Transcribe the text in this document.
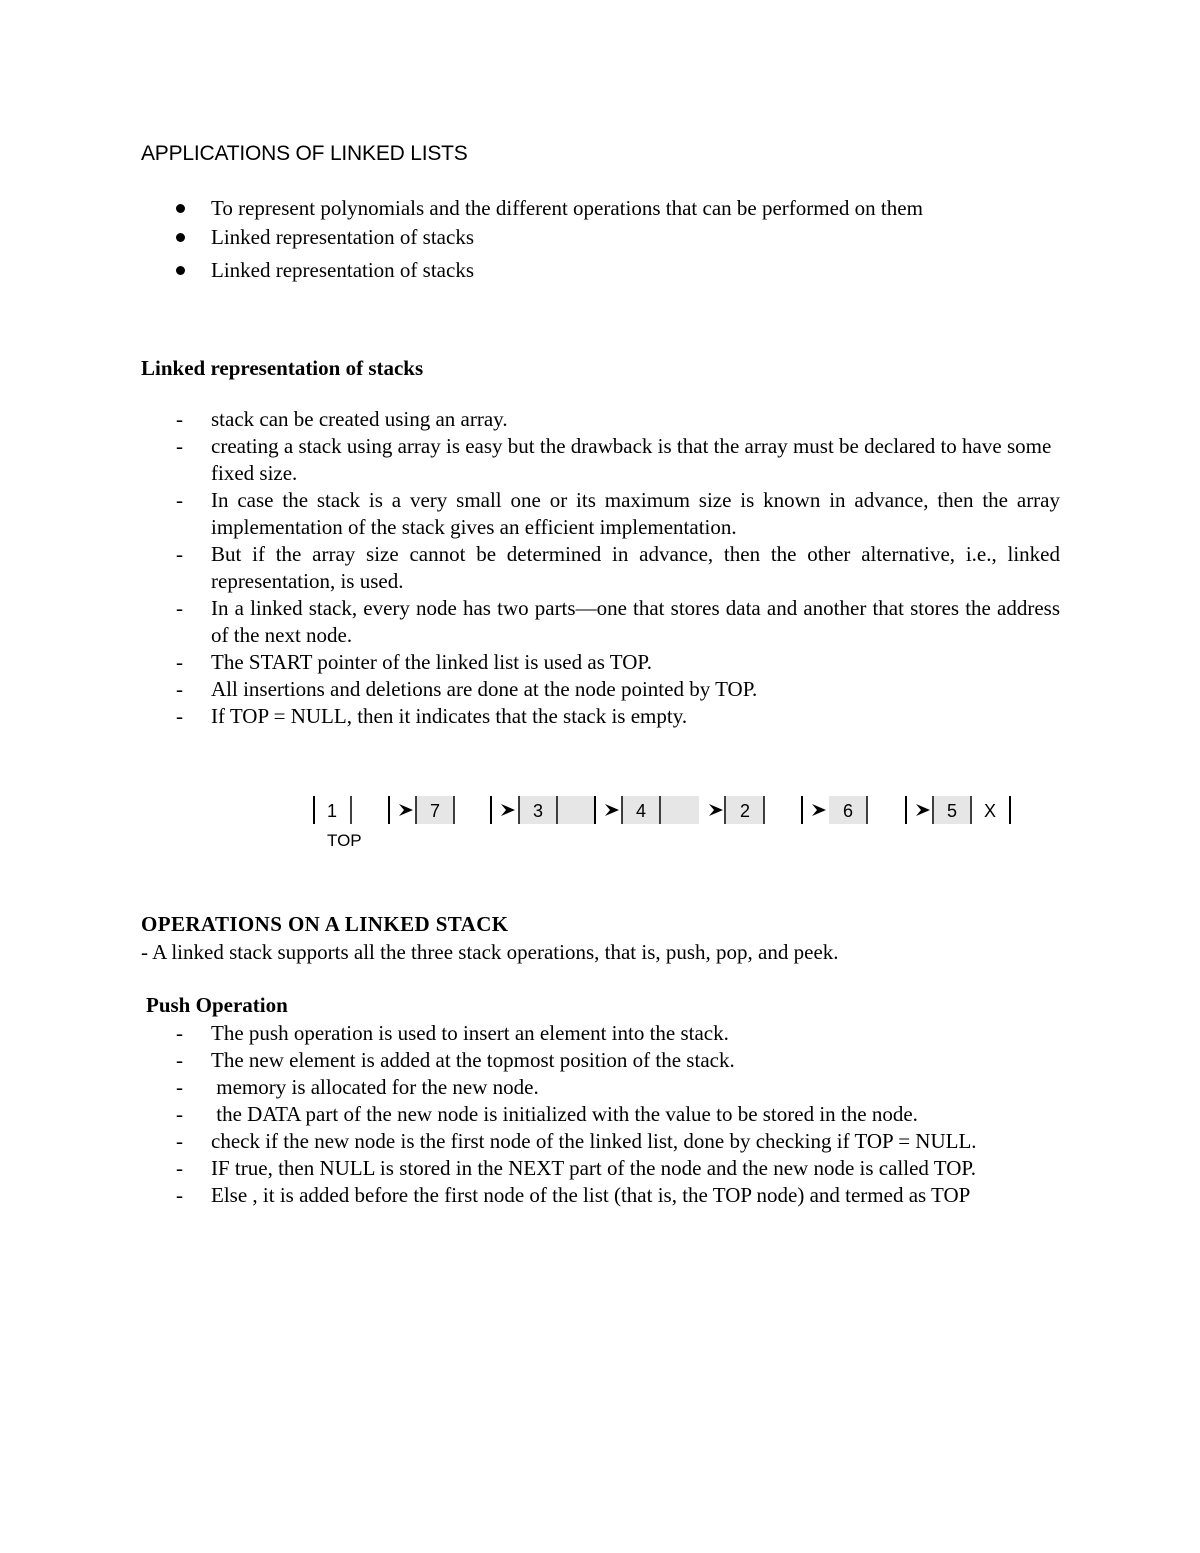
APPLICATIONS OF LINKED LISTS
To represent polynomials and the different operations that can be performed on them
Linked representation of stacks
Linked representation of stacks
Linked representation of stacks
- stack can be created using an array.
- creating a stack using array is easy but the drawback is that the array must be declared to have some fixed size.
- In case the stack is a very small one or its maximum size is known in advance, then the array implementation of the stack gives an efficient implementation.
- But if the array size cannot be determined in advance, then the other alternative, i.e., linked representation, is used.
- In a linked stack, every node has two parts—one that stores data and another that stores the address of the next node.
- The START pointer of the linked list is used as TOP.
- All insertions and deletions are done at the node pointed by TOP.
- If TOP = NULL, then it indicates that the stack is empty.
1	7	3	4	2	6	5 X
TOP
OPERATIONS ON A LINKED STACK
- A linked stack supports all the three stack operations, that is, push, pop, and peek.
Push Operation
- The push operation is used to insert an element into the stack.
- The new element is added at the topmost position of the stack.
- memory is allocated for the new node.
- the DATA part of the new node is initialized with the value to be stored in the node.
- check if the new node is the first node of the linked list, done by checking if TOP = NULL.
- IF true, then NULL is stored in the NEXT part of the node and the new node is called TOP.
- Else , it is added before the first node of the list (that is, the TOP node) and termed as TOP
